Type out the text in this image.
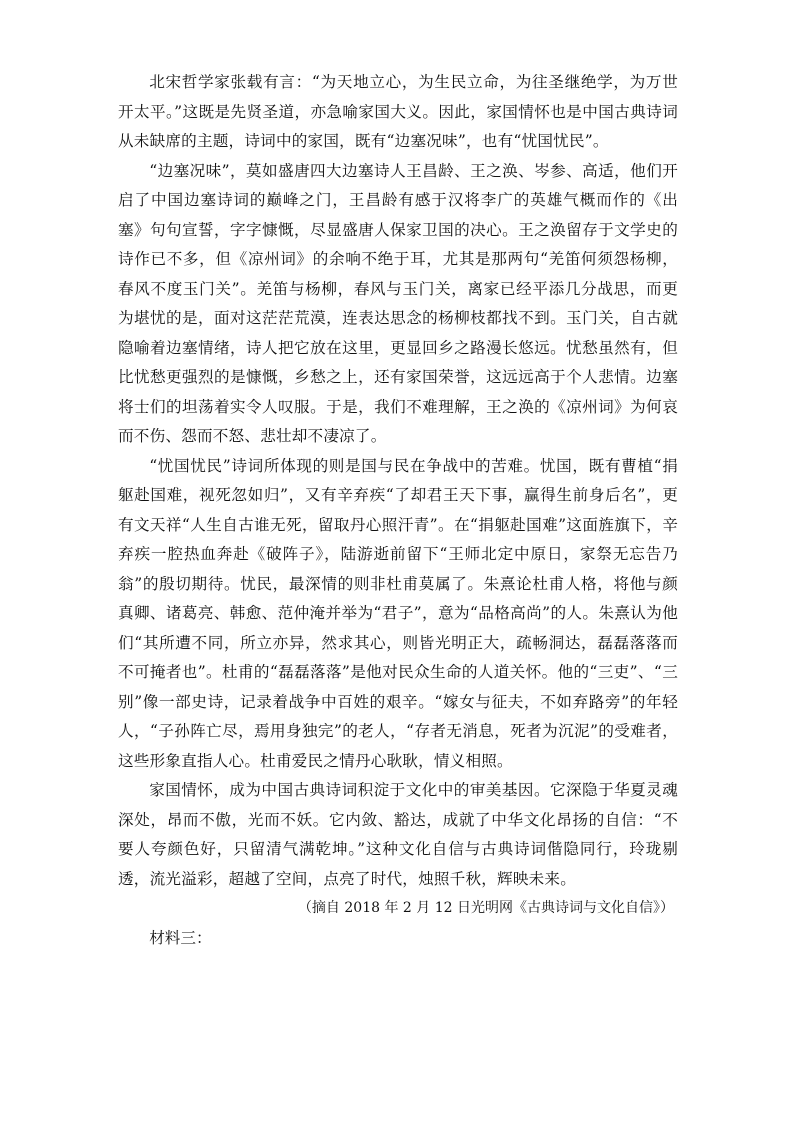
北宋哲学家张载有言：“为天地立心，为生民立命，为往圣继绝学，为万世开太平。”这既是先贤圣道，亦急喻家国大义。因此，家国情怀也是中国古典诗词从未缺席的主题，诗词中的家国，既有“边塞况味”，也有“忧国忧民”。

“边塞况味”，莫如盛唐四大边塞诗人王昌龄、王之涣、岑参、高适，他们开启了中国边塞诗词的巅峰之门，王昌龄有感于汉将李广的英雄气概而作的《出塞》句句宣誓，字字慷慨，尽显盛唐人保家卫国的决心。王之涣留存于文学史的诗作已不多，但《凉州词》的余响不绝于耳，尤其是那两句“羌笛何须怨杨柳，春风不度玉门关”。羌笛与杨柳，春风与玉门关，离家已经平添几分战思，而更为堪忧的是，面对这茫茫荒漠，连表达思念的杨柳枝都找不到。玉门关，自古就隐喻着边塞情绪，诗人把它放在这里，更显回乡之路漫长悠远。忧愁虽然有，但比忧愁更强烈的是慷慨，乡愁之上，还有家国荣誉，这远远高于个人悲情。边塞将士们的坦荡着实令人叹服。于是，我们不难理解，王之涣的《凉州词》为何哀而不伤、怨而不怒、悲壮却不凄凉了。

“忧国忧民”诗词所体现的则是国与民在争战中的苦难。忧国，既有曹植“捐躯赴国难，视死忽如归”，又有辛弃疾“了却君王天下事，赢得生前身后名”，更有文天祥“人生自古谁无死，留取丹心照汗青”。在“捐躯赴国难”这面旌旗下，辛弃疾一腔热血奔赴《破阵子》，陆游逝前留下“王师北定中原日，家祭无忘告乃翁”的殷切期待。忧民，最深情的则非杜甫莫属了。朱熹论杜甫人格，将他与颜真卿、诸葛亮、韩愈、范仲淹并举为“君子”，意为“品格高尚”的人。朱熹认为他们“其所遭不同，所立亦异，然求其心，则皆光明正大，疏畅洞达，磊磊落落而不可掩者也”。杜甫的“磊磊落落”是他对民众生命的人道关怀。他的“三吏”、“三别”像一部史诗，记录着战争中百姓的艰辛。“嫁女与征夫，不如弃路旁”的年轻人，“子孙阵亡尽，焉用身独完”的老人，“存者无消息，死者为沉泥”的受难者，这些形象直指人心。杜甫爱民之情丹心耿耿，情义相照。

家国情怀，成为中国古典诗词积淀于文化中的审美基因。它深隐于华夏灵魂深处，昂而不傲，光而不妖。它内敛、豁达，成就了中华文化昂扬的自信：“不要人夸颜色好，只留清气满乾坤。”这种文化自信与古典诗词偕隐同行，玲珑剔透，流光溢彩，超越了空间，点亮了时代，烛照千秋，辉映未来。

（摘自 2018 年 2 月 12 日光明网《古典诗词与文化自信》）

材料三：
